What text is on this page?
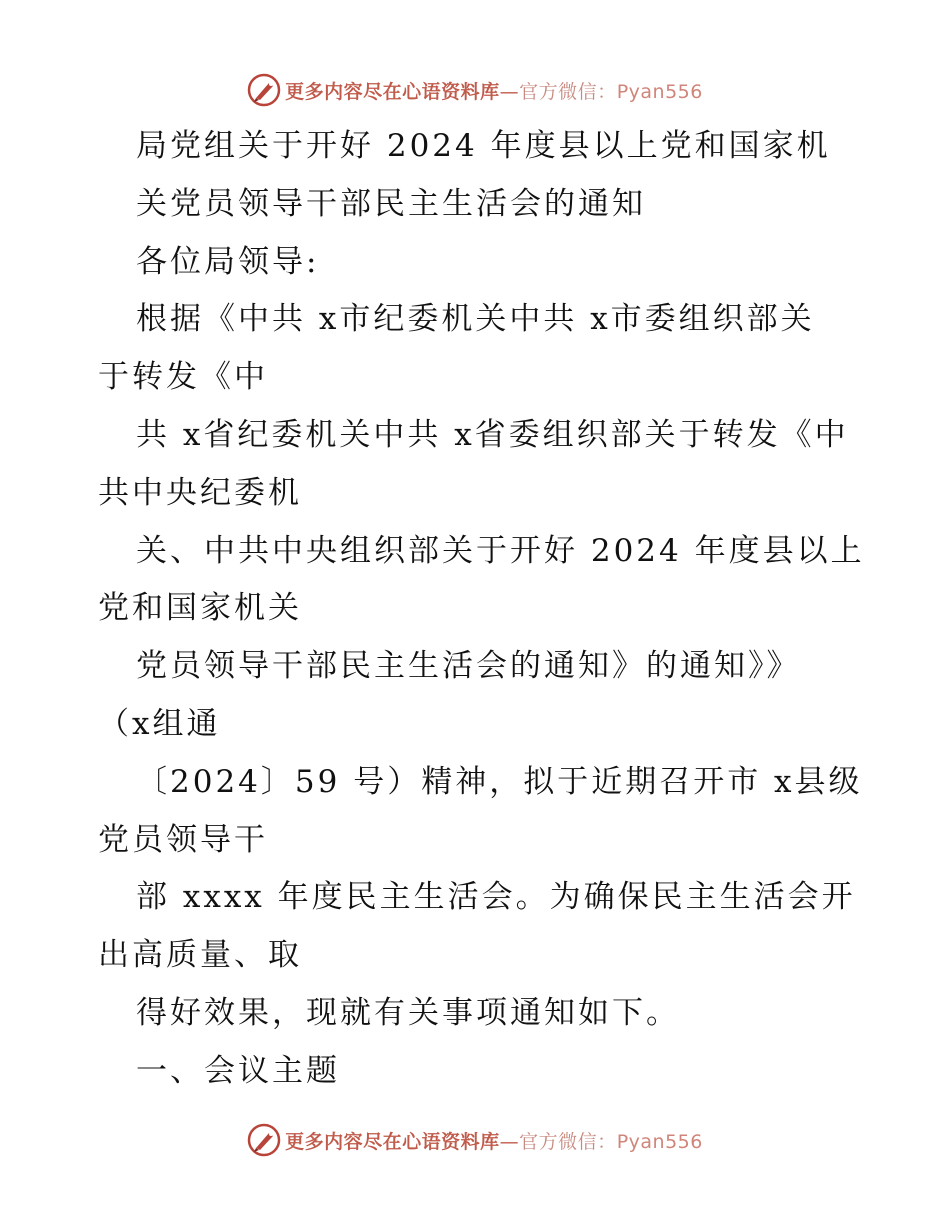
更多内容尽在心语资料库—官方微信：Pyan556
局党组关于开好 2024 年度县以上党和国家机
关党员领导干部民主生活会的通知
各位局领导:
根据《中共 x市纪委机关中共 x市委组织部关
于转发《中
共 x省纪委机关中共 x省委组织部关于转发《中
共中央纪委机
关、中共中央组织部关于开好 2024 年度县以上
党和国家机关
党员领导干部民主生活会的通知》的通知》》
（x组通
〔2024〕59 号）精神，拟于近期召开市 x县级
党员领导干
部 xxxx 年度民主生活会。为确保民主生活会开
出高质量、取
得好效果，现就有关事项通知如下。
一、会议主题
更多内容尽在心语资料库—官方微信：Pyan556
